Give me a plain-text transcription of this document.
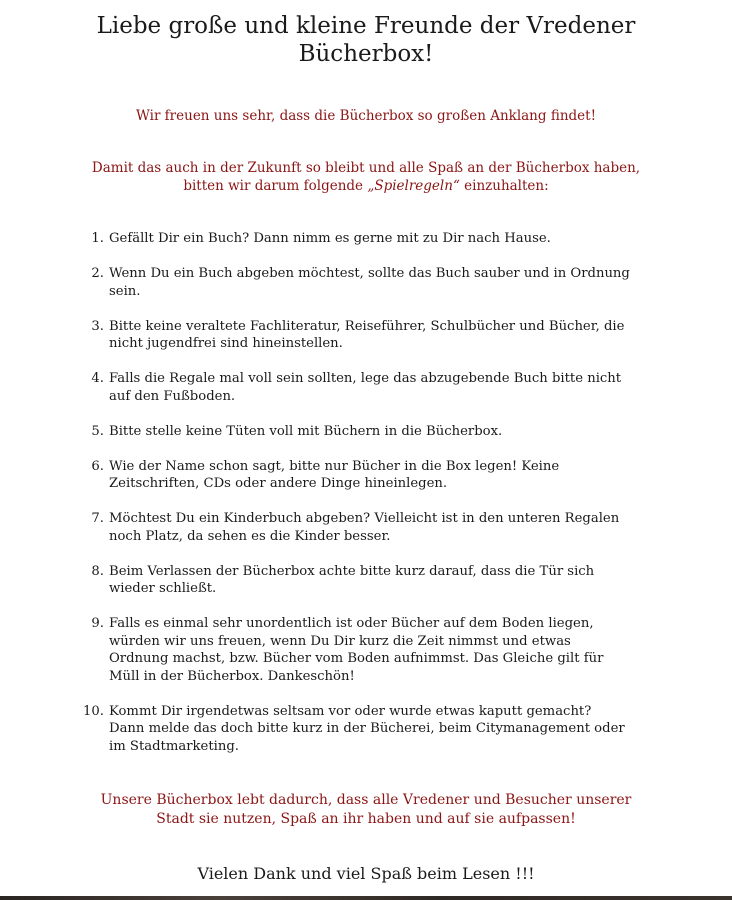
Liebe große und kleine Freunde der Vredener
Bücherbox!

Wir freuen uns sehr, dass die Bücherbox so großen Anklang findet!

Damit das auch in der Zukunft so bleibt und alle Spaß an der Bücherbox haben,
bitten wir darum folgende „Spielregeln“ einzuhalten:

1. Gefällt Dir ein Buch? Dann nimm es gerne mit zu Dir nach Hause.
2. Wenn Du ein Buch abgeben möchtest, sollte das Buch sauber und in Ordnung
sein.
3. Bitte keine veraltete Fachliteratur, Reiseführer, Schulbücher und Bücher, die
nicht jugendfrei sind hineinstellen.
4. Falls die Regale mal voll sein sollten, lege das abzugebende Buch bitte nicht
auf den Fußboden.
5. Bitte stelle keine Tüten voll mit Büchern in die Bücherbox.
6. Wie der Name schon sagt, bitte nur Bücher in die Box legen! Keine
Zeitschriften, CDs oder andere Dinge hineinlegen.
7. Möchtest Du ein Kinderbuch abgeben? Vielleicht ist in den unteren Regalen
noch Platz, da sehen es die Kinder besser.
8. Beim Verlassen der Bücherbox achte bitte kurz darauf, dass die Tür sich
wieder schließt.
9. Falls es einmal sehr unordentlich ist oder Bücher auf dem Boden liegen,
würden wir uns freuen, wenn Du Dir kurz die Zeit nimmst und etwas
Ordnung machst, bzw. Bücher vom Boden aufnimmst. Das Gleiche gilt für
Müll in der Bücherbox. Dankeschön!
10. Kommt Dir irgendetwas seltsam vor oder wurde etwas kaputt gemacht?
Dann melde das doch bitte kurz in der Bücherei, beim Citymanagement oder
im Stadtmarketing.

Unsere Bücherbox lebt dadurch, dass alle Vredener und Besucher unserer
Stadt sie nutzen, Spaß an ihr haben und auf sie aufpassen!

Vielen Dank und viel Spaß beim Lesen !!!
